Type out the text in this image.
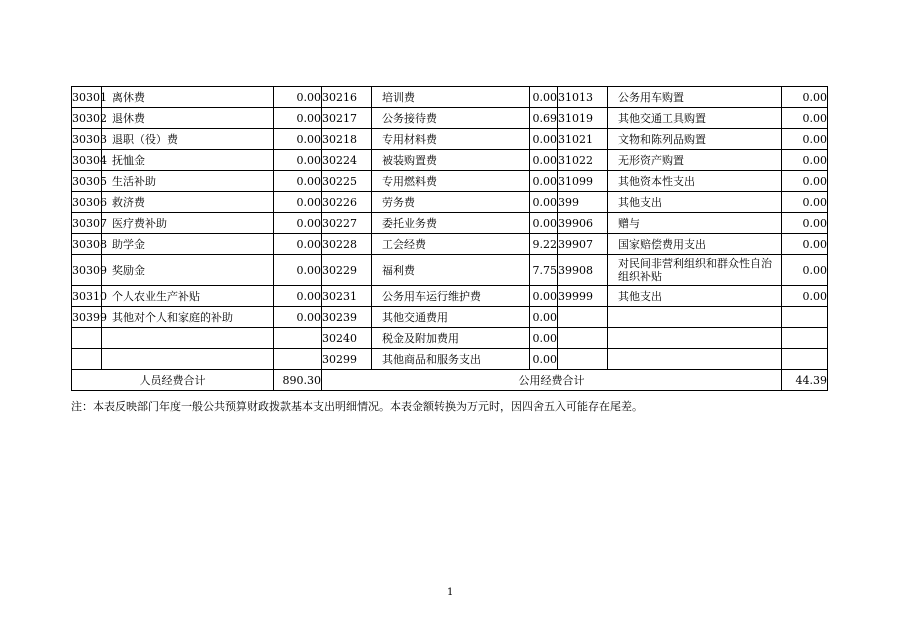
30301	离休费	0.00	30216	培训费	0.00	31013	公务用车购置	0.00
30302	退休费	0.00	30217	公务接待费	0.69	31019	其他交通工具购置	0.00
30303	退职（役）费	0.00	30218	专用材料费	0.00	31021	文物和陈列品购置	0.00
30304	抚恤金	0.00	30224	被装购置费	0.00	31022	无形资产购置	0.00
30305	生活补助	0.00	30225	专用燃料费	0.00	31099	其他资本性支出	0.00
30306	救济费	0.00	30226	劳务费	0.00	399	其他支出	0.00
30307	医疗费补助	0.00	30227	委托业务费	0.00	39906	赠与	0.00
30308	助学金	0.00	30228	工会经费	9.22	39907	国家赔偿费用支出	0.00
30309	奖励金	0.00	30229	福利费	7.75	39908	对民间非营利组织和群众性自治组织补贴	0.00
30310	个人农业生产补贴	0.00	30231	公务用车运行维护费	0.00	39999	其他支出	0.00
30399	其他对个人和家庭的补助	0.00	30239	其他交通费用	0.00			
			30240	税金及附加费用	0.00			
			30299	其他商品和服务支出	0.00			
人员经费合计		890.30	公用经费合计					44.39
注：本表反映部门年度一般公共预算财政拨款基本支出明细情况。本表金额转换为万元时，因四舍五入可能存在尾差。
1
